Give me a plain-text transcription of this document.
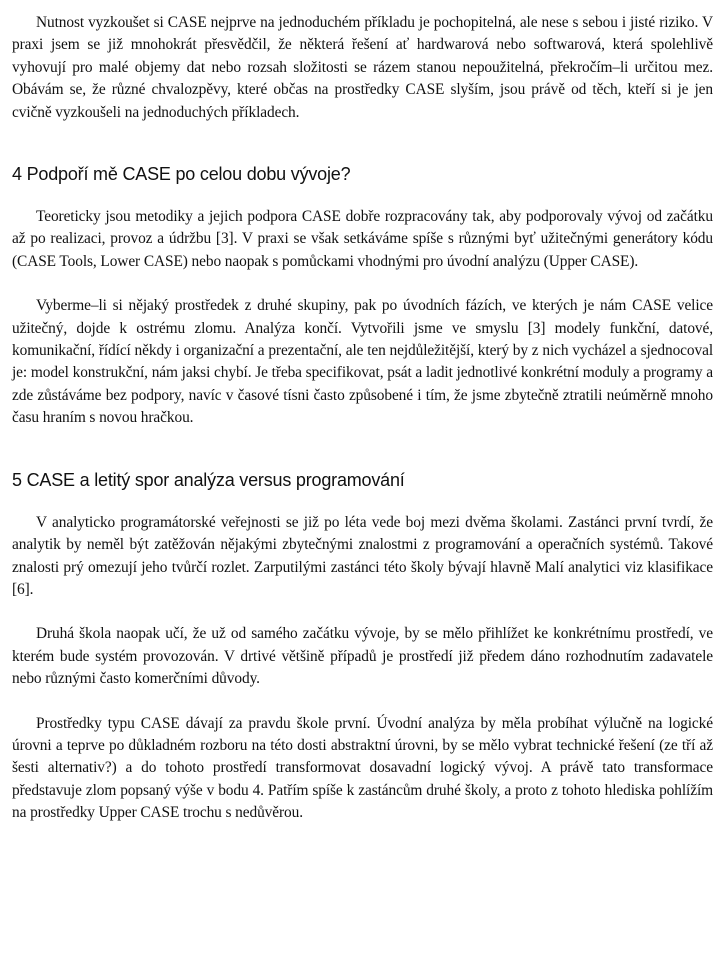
Nutnost vyzkoušet si CASE nejprve na jednoduchém příkladu je pochopitelná, ale nese s sebou i jisté riziko. V praxi jsem se již mnohokrát přesvědčil, že některá řešení ať hardwarová nebo softwarová, která spolehlivě vyhovují pro malé objemy dat nebo rozsah složitosti se rázem stanou nepoužitelná, překročím–li určitou mez. Obávám se, že různé chvalozpěvy, které občas na prostředky CASE slyším, jsou právě od těch, kteří si je jen cvičně vyzkoušeli na jednoduchých příkladech.

4 Podpoří mě CASE po celou dobu vývoje?

Teoreticky jsou metodiky a jejich podpora CASE dobře rozpracovány tak, aby podporovaly vývoj od začátku až po realizaci, provoz a údržbu [3]. V praxi se však setkáváme spíše s různými byť užitečnými generátory kódu (CASE Tools, Lower CASE) nebo naopak s pomůckami vhodnými pro úvodní analýzu (Upper CASE).

Vyberme–li si nějaký prostředek z druhé skupiny, pak po úvodních fázích, ve kterých je nám CASE velice užitečný, dojde k ostrému zlomu. Analýza končí. Vytvořili jsme ve smyslu [3] modely funkční, datové, komunikační, řídící někdy i organizační a prezentační, ale ten nejdůležitější, který by z nich vycházel a sjednocoval je: model konstrukční, nám jaksi chybí. Je třeba specifikovat, psát a ladit jednotlivé konkrétní moduly a programy a zde zůstáváme bez podpory, navíc v časové tísni často způsobené i tím, že jsme zbytečně ztratili neúměrně mnoho času hraním s novou hračkou.

5 CASE a letitý spor analýza versus programování

V analyticko programátorské veřejnosti se již po léta vede boj mezi dvěma školami. Zastánci první tvrdí, že analytik by neměl být zatěžován nějakými zbytečnými znalostmi z programování a operačních systémů. Takové znalosti prý omezují jeho tvůrčí rozlet. Zarputilými zastánci této školy bývají hlavně Malí analytici viz klasifikace [6].

Druhá škola naopak učí, že už od samého začátku vývoje, by se mělo přihlížet ke konkrétnímu prostředí, ve kterém bude systém provozován. V drtivé většině případů je prostředí již předem dáno rozhodnutím zadavatele nebo různými často komerčními důvody.

Prostředky typu CASE dávají za pravdu škole první. Úvodní analýza by měla probíhat výlučně na logické úrovni a teprve po důkladném rozboru na této dosti abstraktní úrovni, by se mělo vybrat technické řešení (ze tří až šesti alternativ?) a do tohoto prostředí transformovat dosavadní logický vývoj. A právě tato transformace představuje zlom popsaný výše v bodu 4. Patřím spíše k zastáncům druhé školy, a proto z tohoto hlediska pohlížím na prostředky Upper CASE trochu s nedůvěrou.
